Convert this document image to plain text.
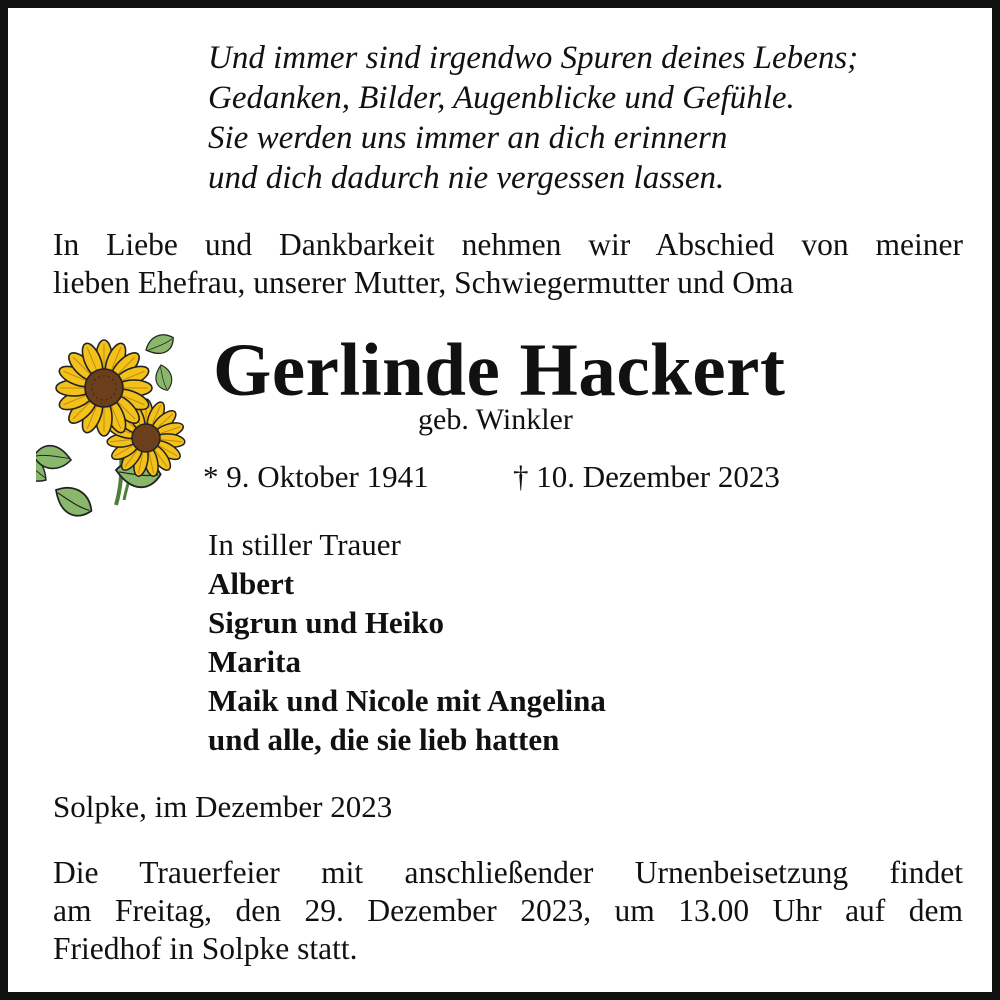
Und immer sind irgendwo Spuren deines Lebens;
Gedanken, Bilder, Augenblicke und Gefühle.
Sie werden uns immer an dich erinnern
und dich dadurch nie vergessen lassen.
In Liebe und Dankbarkeit nehmen wir Abschied von meiner
lieben Ehefrau, unserer Mutter, Schwiegermutter und Oma
Gerlinde Hackert
geb. Winkler
* 9. Oktober 1941	† 10. Dezember 2023
In stiller Trauer
Albert
Sigrun und Heiko
Marita
Maik und Nicole mit Angelina
und alle, die sie lieb hatten
Solpke, im Dezember 2023
Die Trauerfeier mit anschließender Urnenbeisetzung findet
am Freitag, den 29. Dezember 2023, um 13.00 Uhr auf dem
Friedhof in Solpke statt.
